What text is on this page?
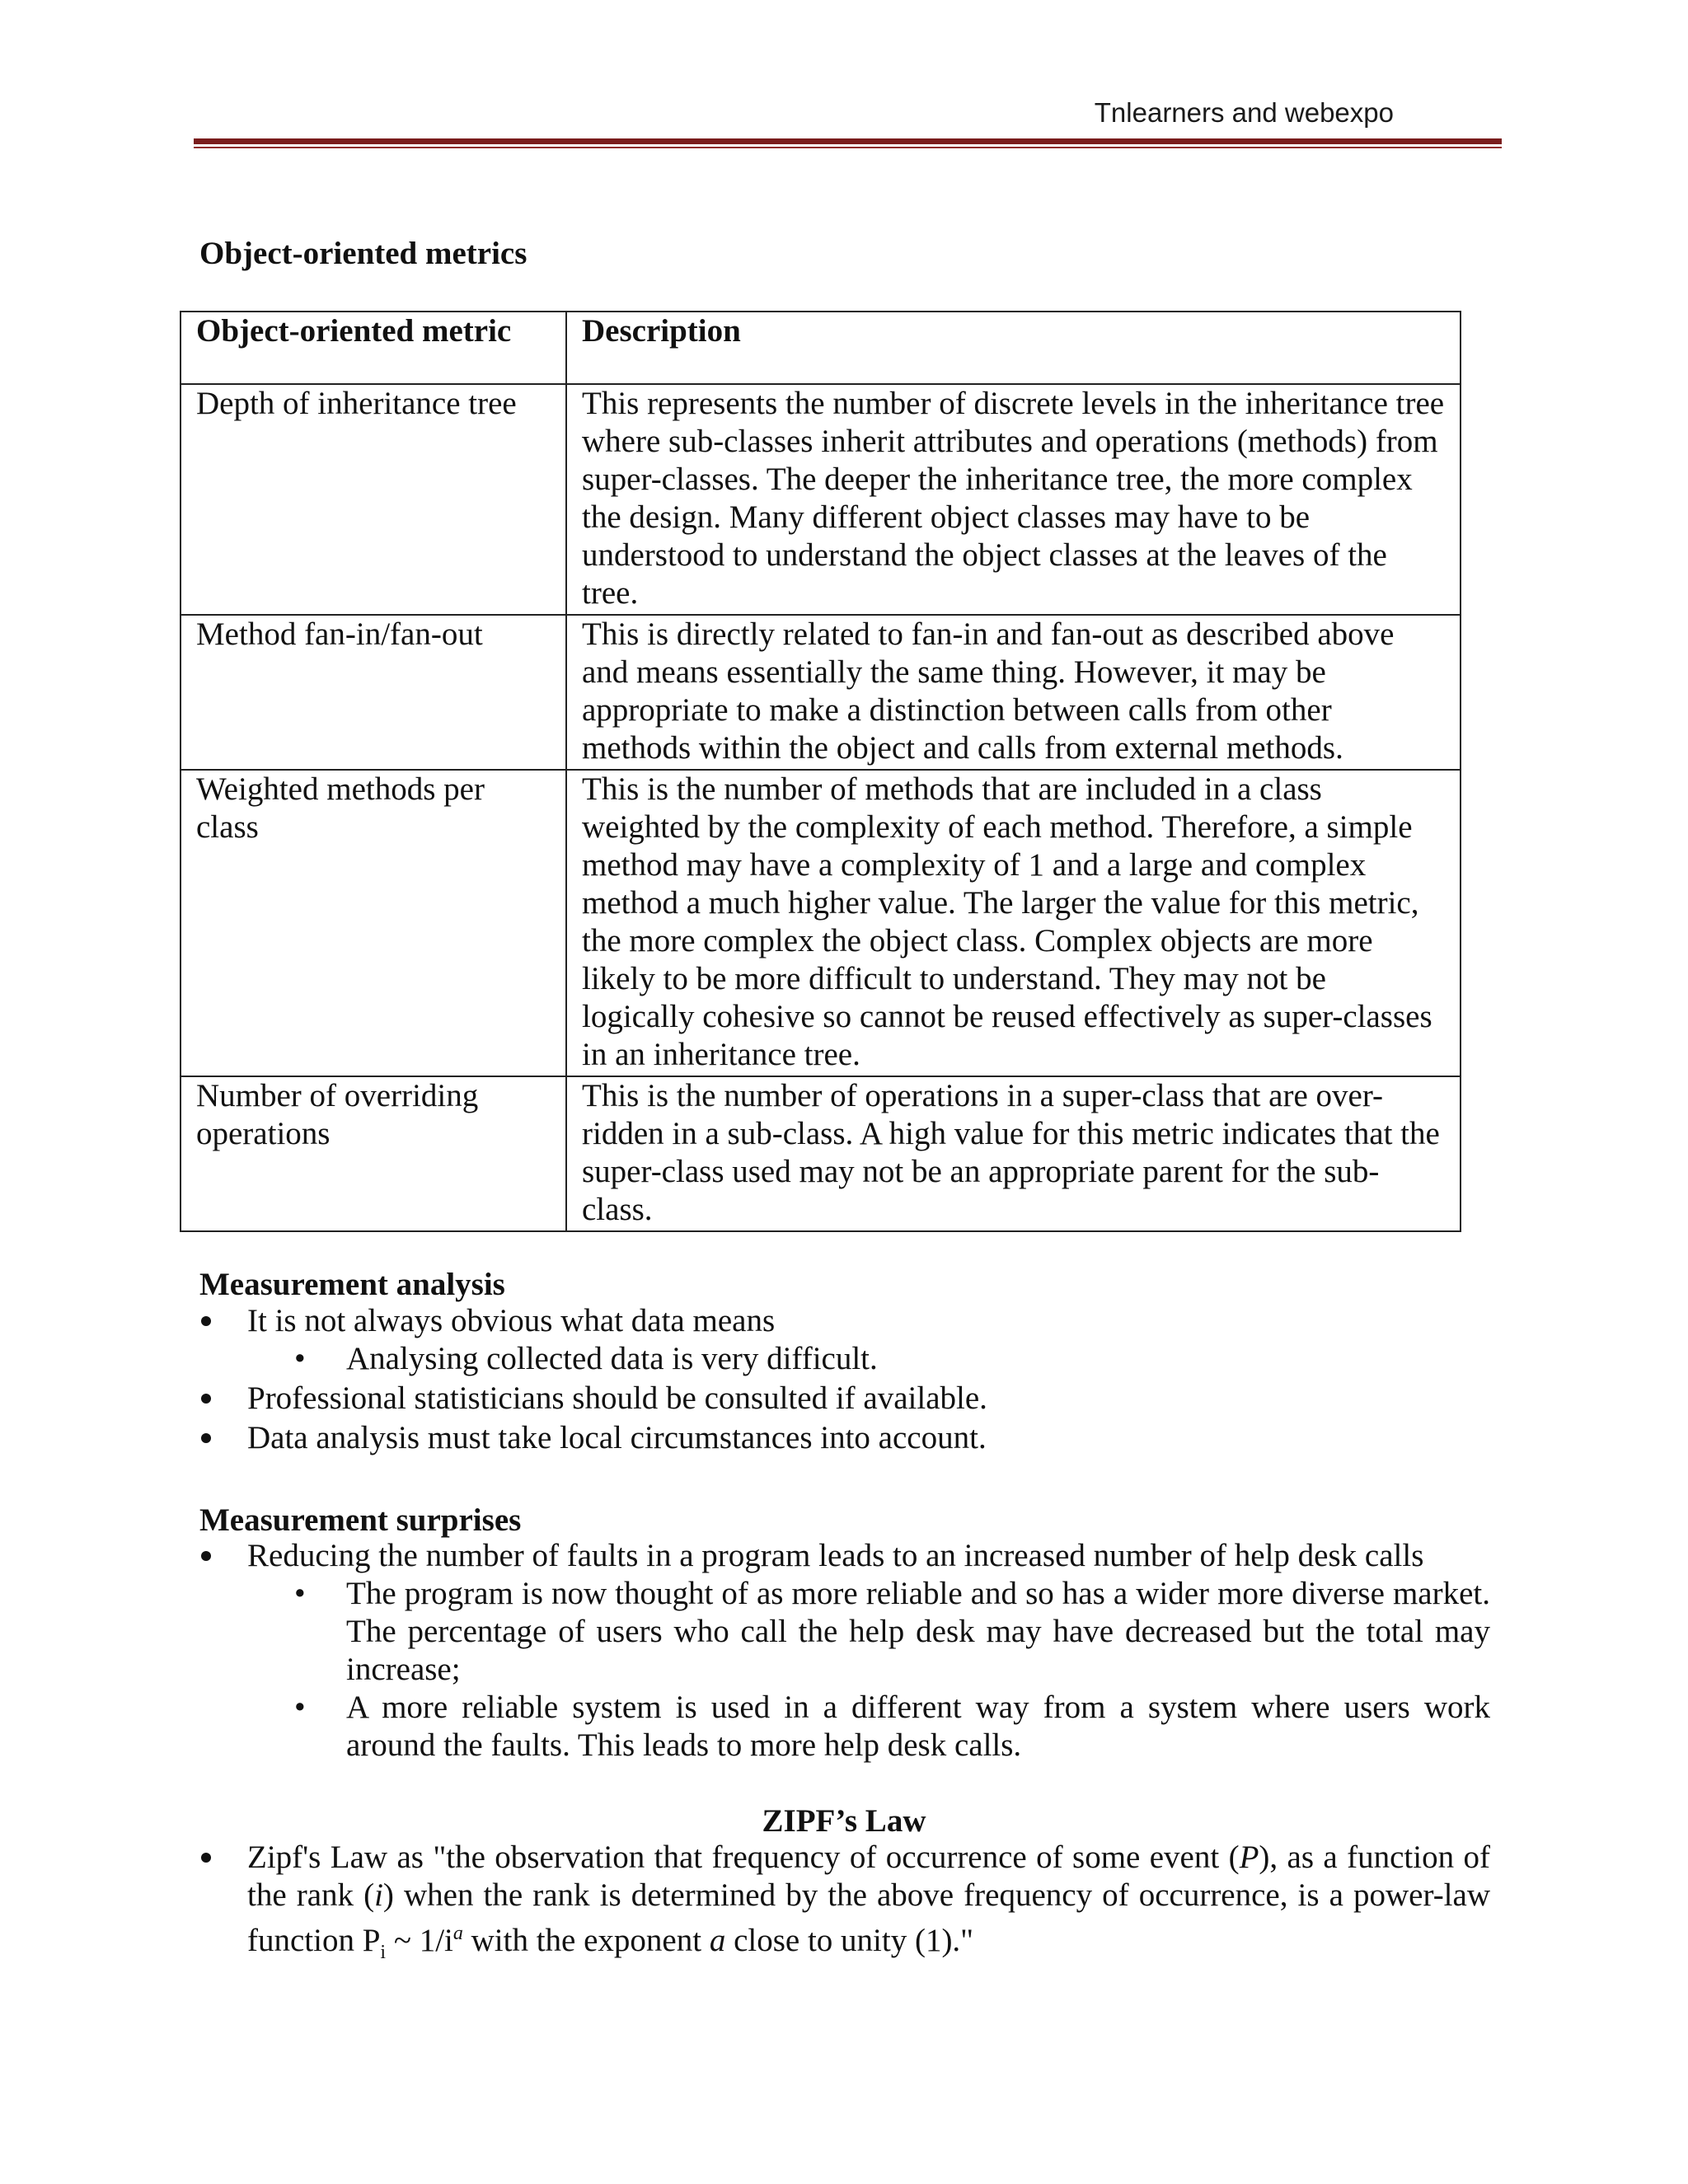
Tnlearners and webexpo

Object-oriented metrics
Object-oriented metric	Description
Depth of inheritance tree	This represents the number of discrete levels in the inheritance tree where sub-classes inherit attributes and operations (methods) from super-classes. The deeper the inheritance tree, the more complex the design. Many different object classes may have to be understood to understand the object classes at the leaves of the tree.
Method fan-in/fan-out	This is directly related to fan-in and fan-out as described above and means essentially the same thing. However, it may be appropriate to make a distinction between calls from other methods within the object and calls from external methods.
Weighted methods per class	This is the number of methods that are included in a class weighted by the complexity of each method. Therefore, a simple method may have a complexity of 1 and a large and complex method a much higher value. The larger the value for this metric, the more complex the object class. Complex objects are more likely to be more difficult to understand. They may not be logically cohesive so cannot be reused effectively as super-classes in an inheritance tree.
Number of overriding operations	This is the number of operations in a super-class that are over-ridden in a sub-class. A high value for this metric indicates that the super-class used may not be an appropriate parent for the sub-class.
Measurement analysis
It is not always obvious what data means
• Analysing collected data is very difficult.
Professional statisticians should be consulted if available.
Data analysis must take local circumstances into account.
Measurement surprises
Reducing the number of faults in a program leads to an increased number of help desk calls
• The program is now thought of as more reliable and so has a wider more diverse market. The percentage of users who call the help desk may have decreased but the total may increase;
• A more reliable system is used in a different way from a system where users work around the faults. This leads to more help desk calls.
ZIPF’s Law
Zipf's Law as "the observation that frequency of occurrence of some event (P), as a function of the rank (i) when the rank is determined by the above frequency of occurrence, is a power-law function $P_i$ ~ $1/i^a$ with the exponent a close to unity (1)."
